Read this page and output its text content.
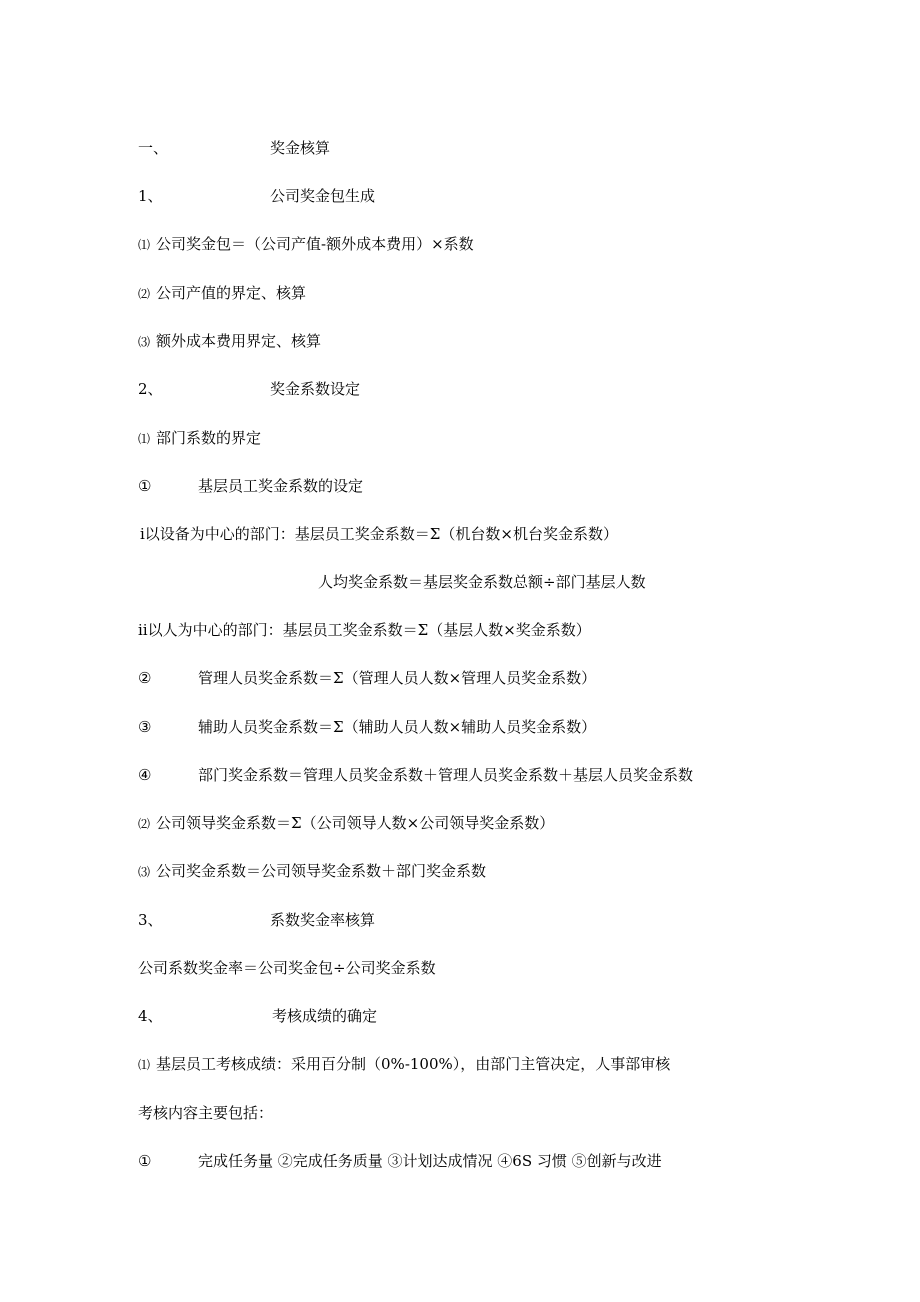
一、	奖金核算
1、	公司奖金包生成
⑴ 公司奖金包＝（公司产值-额外成本费用）×系数
⑵ 公司产值的界定、核算
⑶ 额外成本费用界定、核算
2、	奖金系数设定
⑴ 部门系数的界定
①	基层员工奖金系数的设定
ⅰ以设备为中心的部门：基层员工奖金系数＝Σ（机台数×机台奖金系数）
人均奖金系数＝基层奖金系数总额÷部门基层人数
ⅱ以人为中心的部门：基层员工奖金系数＝Σ（基层人数×奖金系数）
②	管理人员奖金系数＝Σ（管理人员人数×管理人员奖金系数）
③	辅助人员奖金系数＝Σ（辅助人员人数×辅助人员奖金系数）
④	部门奖金系数＝管理人员奖金系数＋管理人员奖金系数＋基层人员奖金系数
⑵ 公司领导奖金系数＝Σ（公司领导人数×公司领导奖金系数）
⑶ 公司奖金系数＝公司领导奖金系数＋部门奖金系数
3、	系数奖金率核算
公司系数奖金率＝公司奖金包÷公司奖金系数
4、	考核成绩的确定
⑴ 基层员工考核成绩：采用百分制（0%-100%），由部门主管决定，人事部审核
考核内容主要包括：
①	完成任务量 ②完成任务质量 ③计划达成情况 ④6S 习惯 ⑤创新与改进
